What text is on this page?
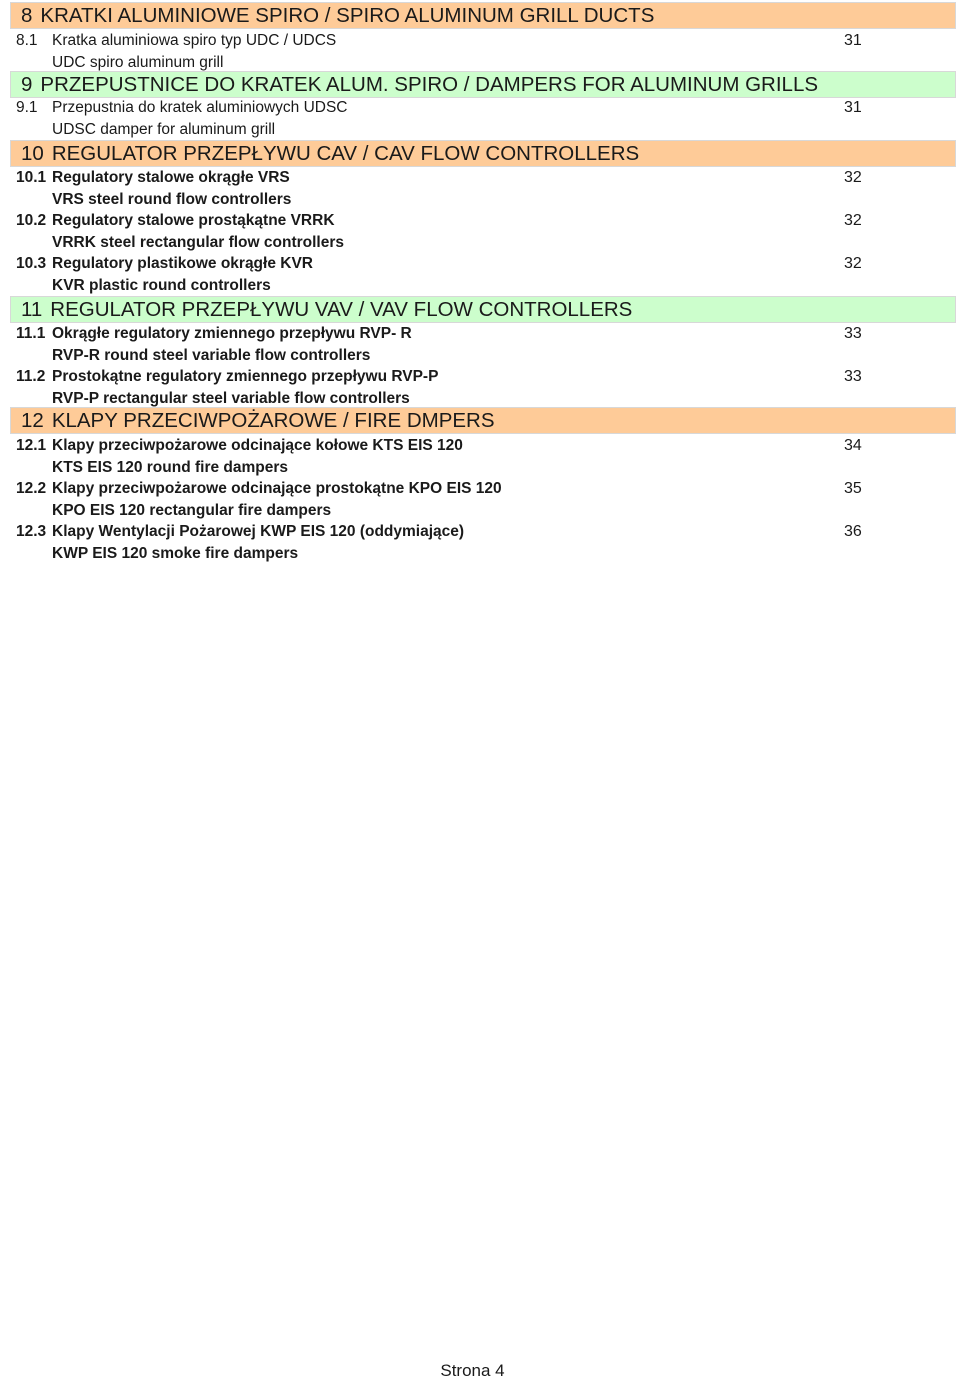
8 KRATKI ALUMINIOWE SPIRO / SPIRO ALUMINUM GRILL DUCTS
8.1 Kratka aluminiowa spiro typ UDC / UDCS
UDC spiro aluminum grill
31
9 PRZEPUSTNICE DO KRATEK ALUM. SPIRO / DAMPERS FOR ALUMINUM GRILLS
9.1 Przepustnia do kratek aluminiowych UDSC
UDSC damper for aluminum grill
31
10 REGULATOR PRZEPŁYWU CAV / CAV FLOW CONTROLLERS
10.1 Regulatory stalowe okrągłe VRS
VRS steel round flow controllers
32
10.2 Regulatory stalowe prostąkątne VRRK
VRRK steel rectangular flow controllers
32
10.3 Regulatory plastikowe okrągłe KVR
KVR plastic round controllers
32
11 REGULATOR PRZEPŁYWU VAV / VAV FLOW CONTROLLERS
11.1 Okrągłe regulatory zmiennego przepływu RVP- R
RVP-R round steel variable flow controllers
33
11.2 Prostokątne regulatory zmiennego przepływu RVP-P
RVP-P rectangular steel variable flow controllers
33
12 KLAPY PRZECIWPOŻAROWE / FIRE DMPERS
12.1 Klapy przeciwpożarowe odcinające kołowe KTS EIS 120
KTS EIS 120 round fire dampers
34
12.2 Klapy przeciwpożarowe odcinające prostokątne KPO EIS 120
KPO EIS 120 rectangular fire dampers
35
12.3 Klapy Wentylacji Pożarowej KWP EIS 120 (oddymiające)
KWP EIS 120 smoke fire dampers
36
Strona 4
